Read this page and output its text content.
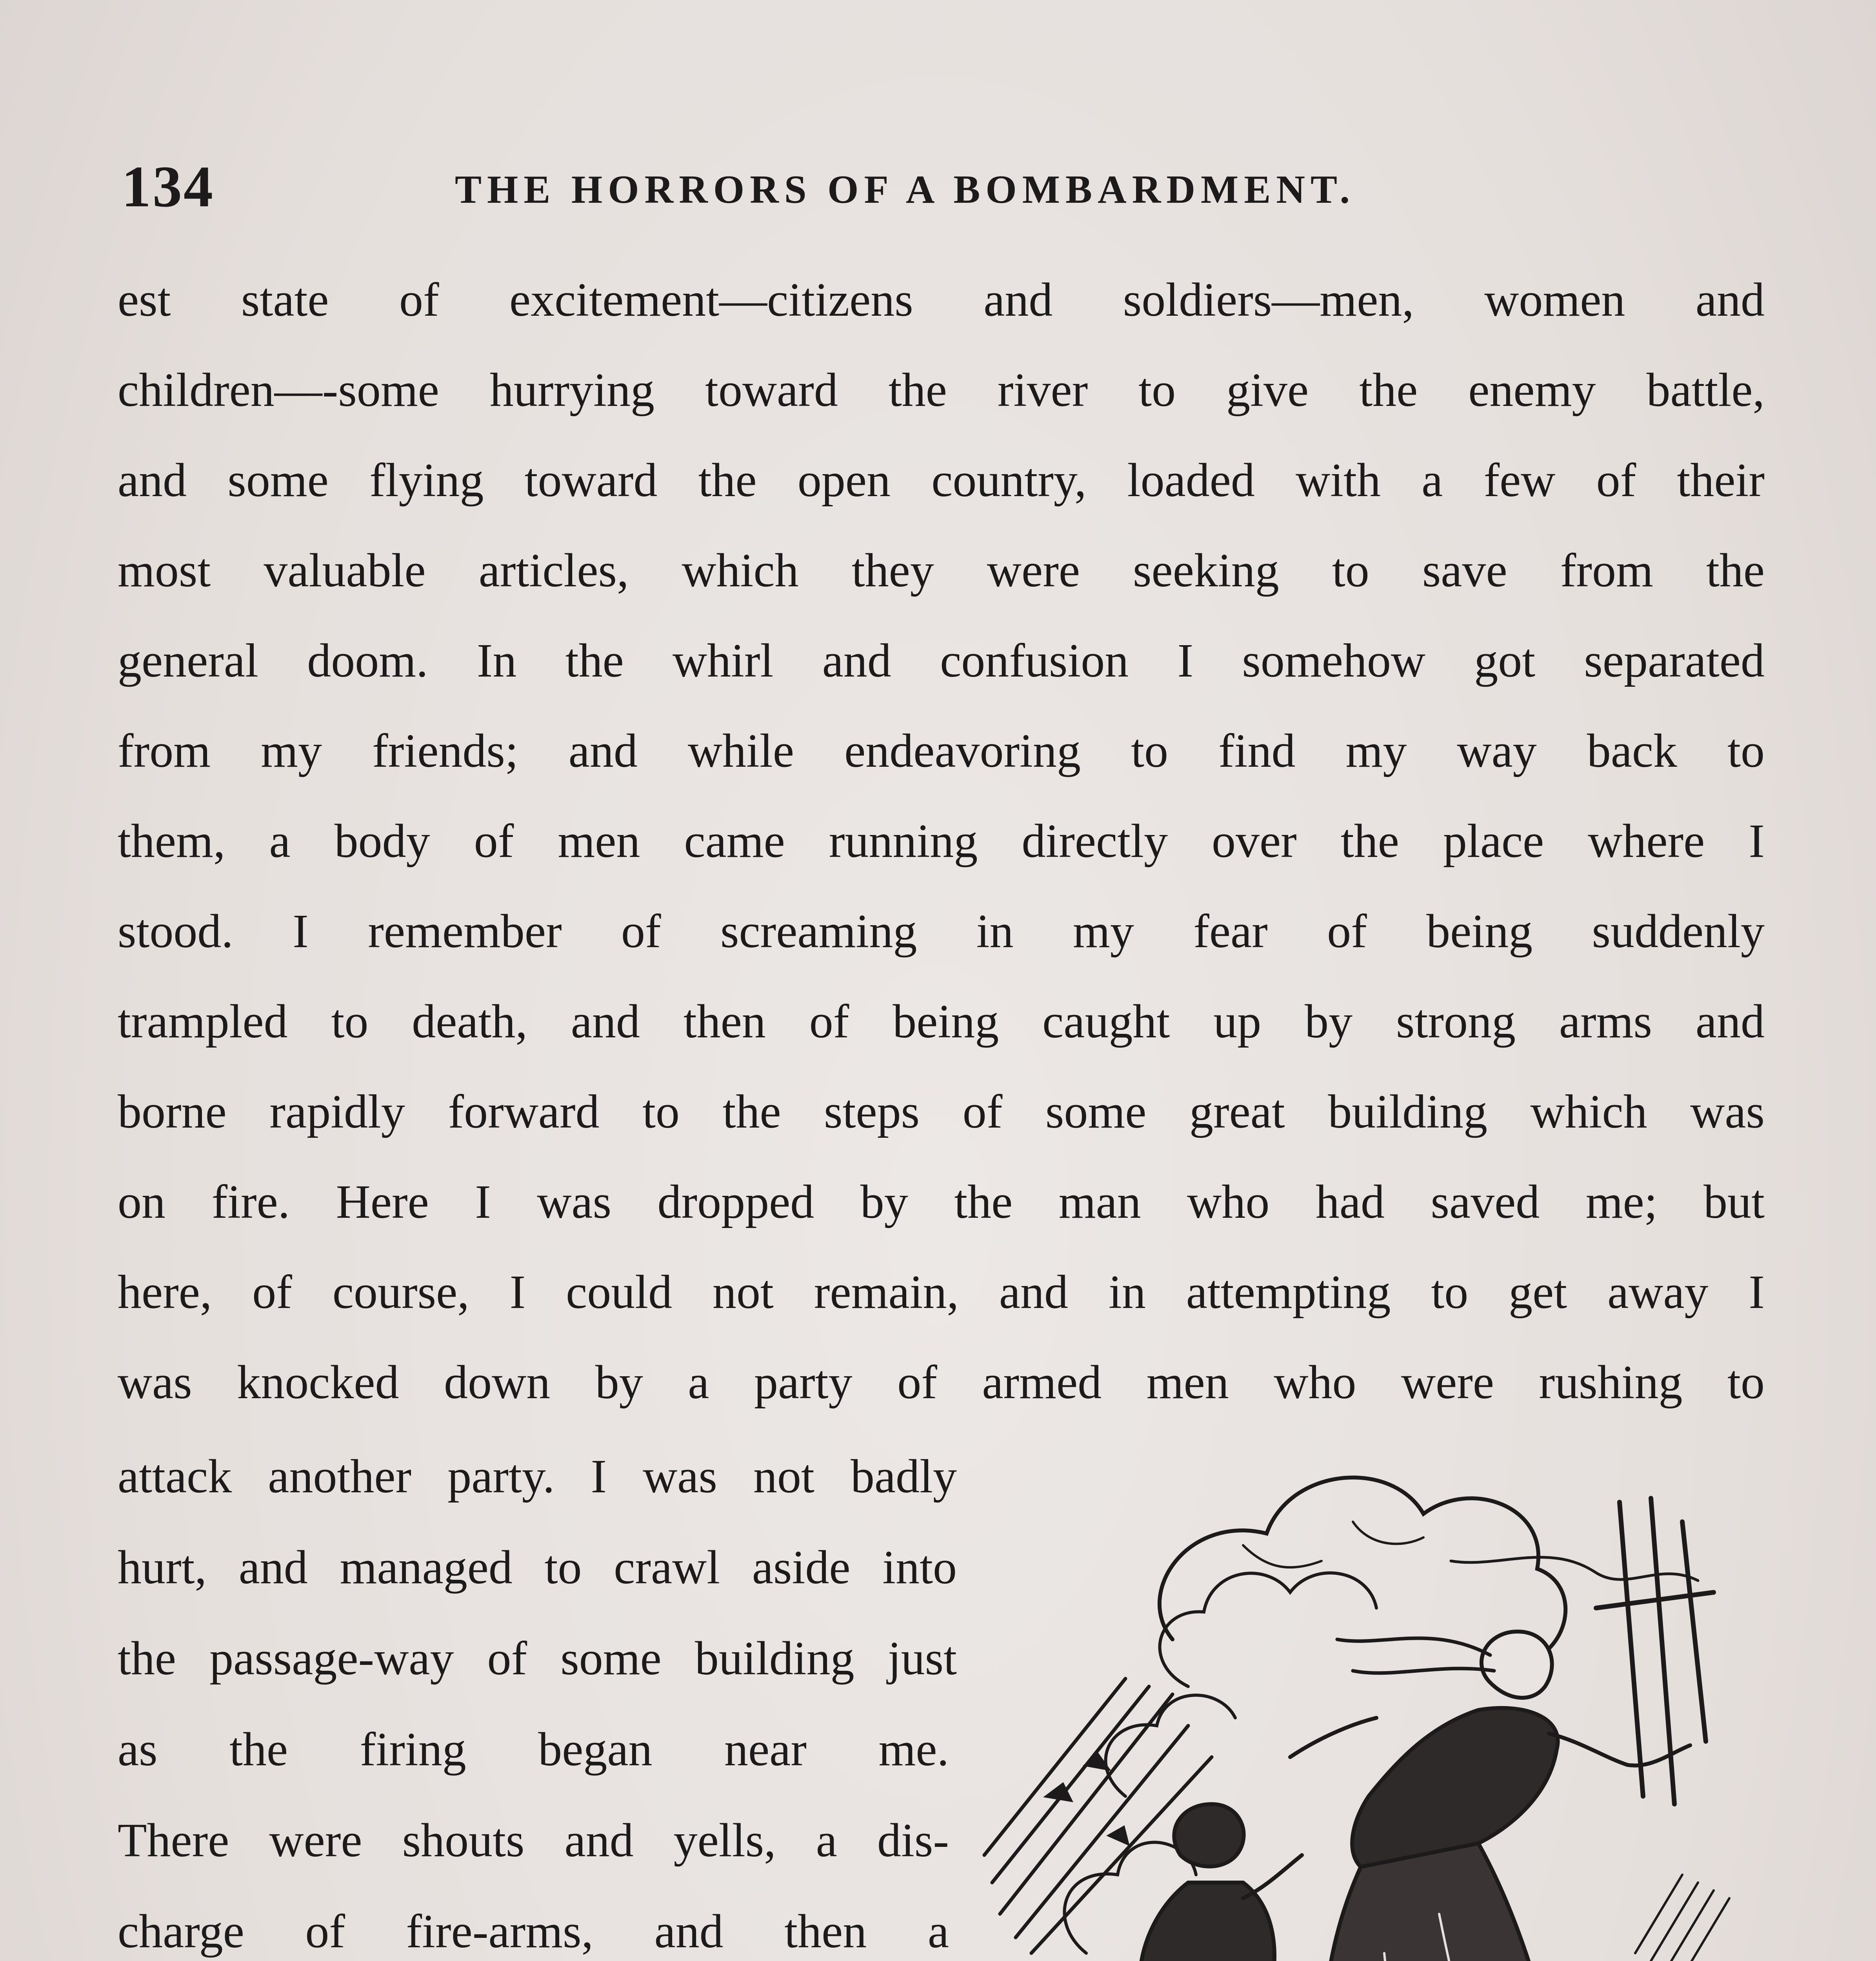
134	THE HORRORS OF A BOMBARDMENT.
est state of excitement—citizens and soldiers—men, women and
children—-some hurrying toward the river to give the enemy battle,
and some flying toward the open country, loaded with a few of their
most valuable articles, which they were seeking to save from the
general doom. In the whirl and confusion I somehow got separated
from my friends; and while endeavoring to find my way back to
them, a body of men came running directly over the place where I
stood. I remember of screaming in my fear of being suddenly
trampled to death, and then of being caught up by strong arms and
borne rapidly forward to the steps of some great building which was
on fire. Here I was dropped by the man who had saved me; but
here, of course, I could not remain, and in attempting to get away I
was knocked down by a party of armed men who were rushing to
attack another party. I was not badly
hurt, and managed to crawl aside into
the passage-way of some building just
as the firing began near me.
There were shouts and yells, a dis-
charge of fire-arms, and then a
